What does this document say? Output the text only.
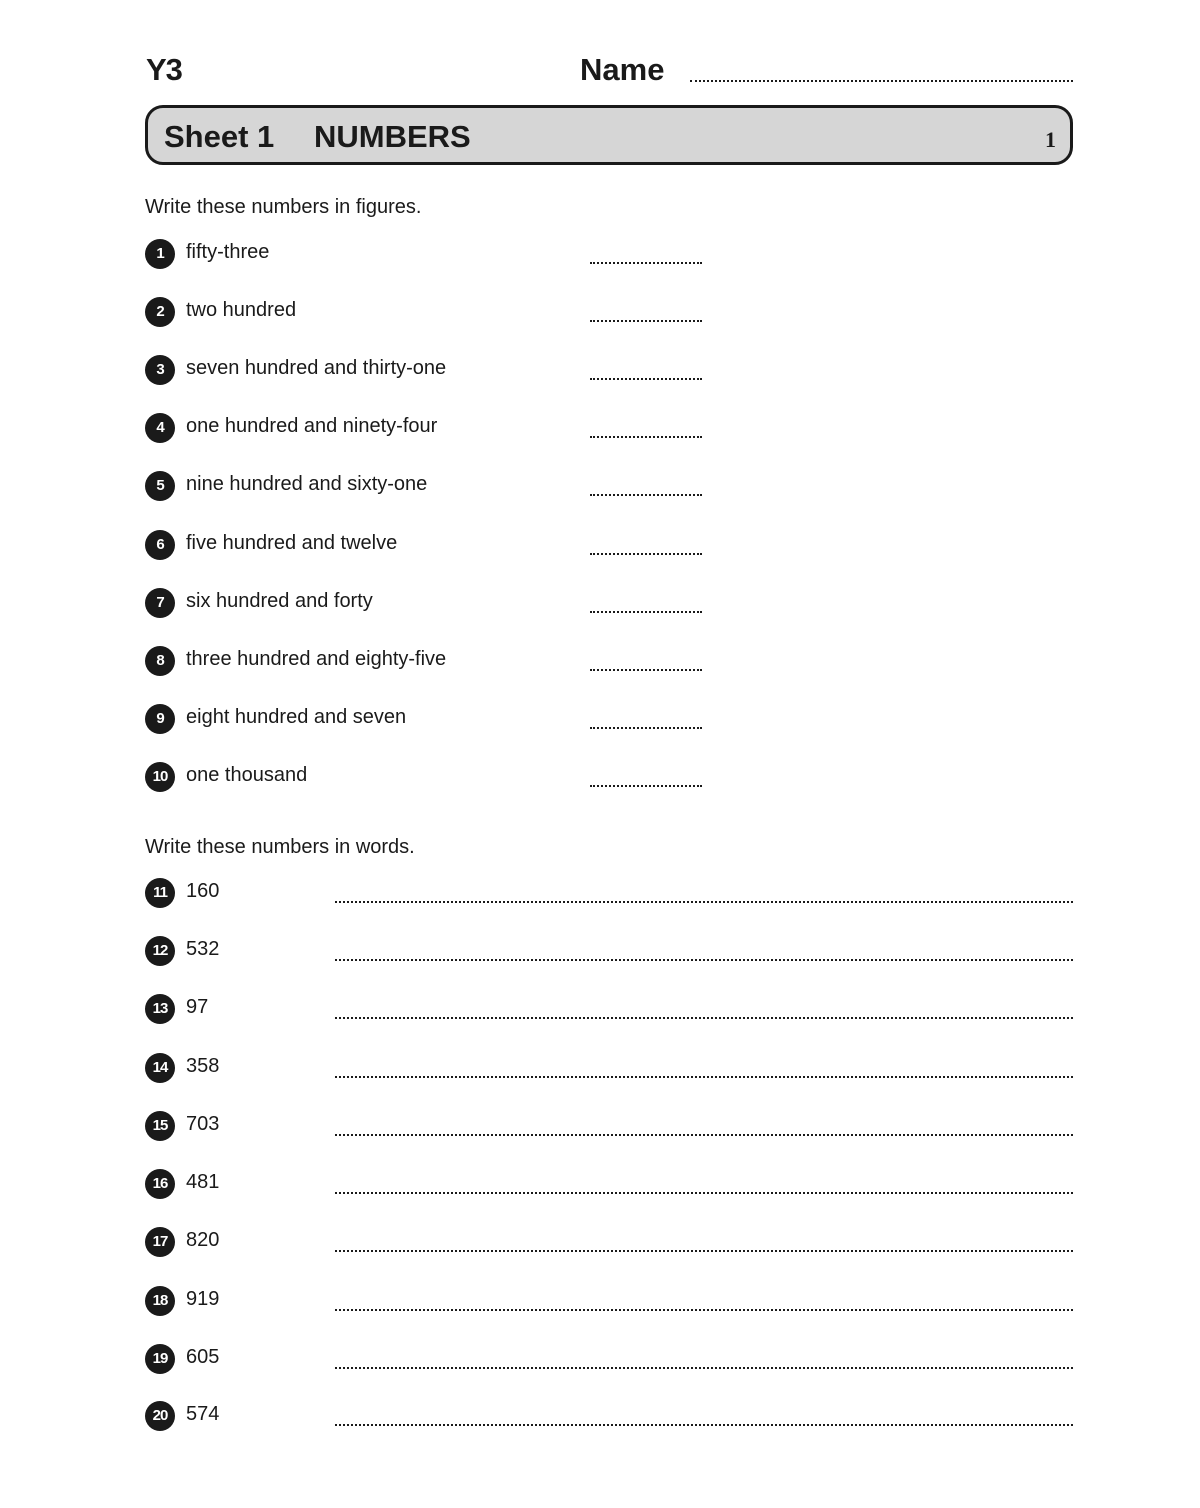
Y3	Name
Sheet 1 NUMBERS	1
Write these numbers in figures.
1	fifty-three
2	two hundred
3	seven hundred and thirty-one
4	one hundred and ninety-four
5	nine hundred and sixty-one
6	five hundred and twelve
7	six hundred and forty
8	three hundred and eighty-five
9	eight hundred and seven
10 one thousand
Write these numbers in words.
11 160
12 532
13 97
14 358
15 703
16 481
17 820
18 919
19 605
20 574
